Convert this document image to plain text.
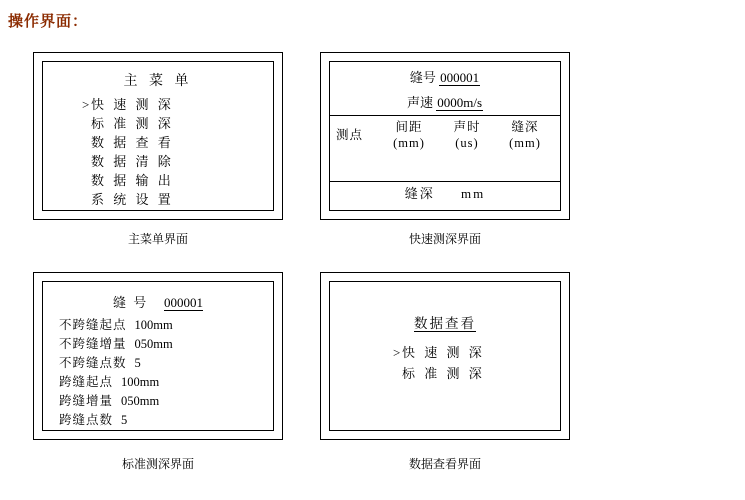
操作界面：
主 菜 单
> 快 速 测 深
标 准 测 深
数 据 查 看
数 据 清 除
数 据 输 出
系 统 设 置
主菜单界面
缝号 000001
声速 0000m/s
测点
间距
(mm)
声时
(us)
缝深
(mm)
缝深 mm
快速测深界面
缝 号 000001
不跨缝起点 100mm
不跨缝增量 050mm
不跨缝点数 5
跨缝起点 100mm
跨缝增量 050mm
跨缝点数 5
标准测深界面
数据查看
> 快 速 测 深
标 准 测 深
数据查看界面
